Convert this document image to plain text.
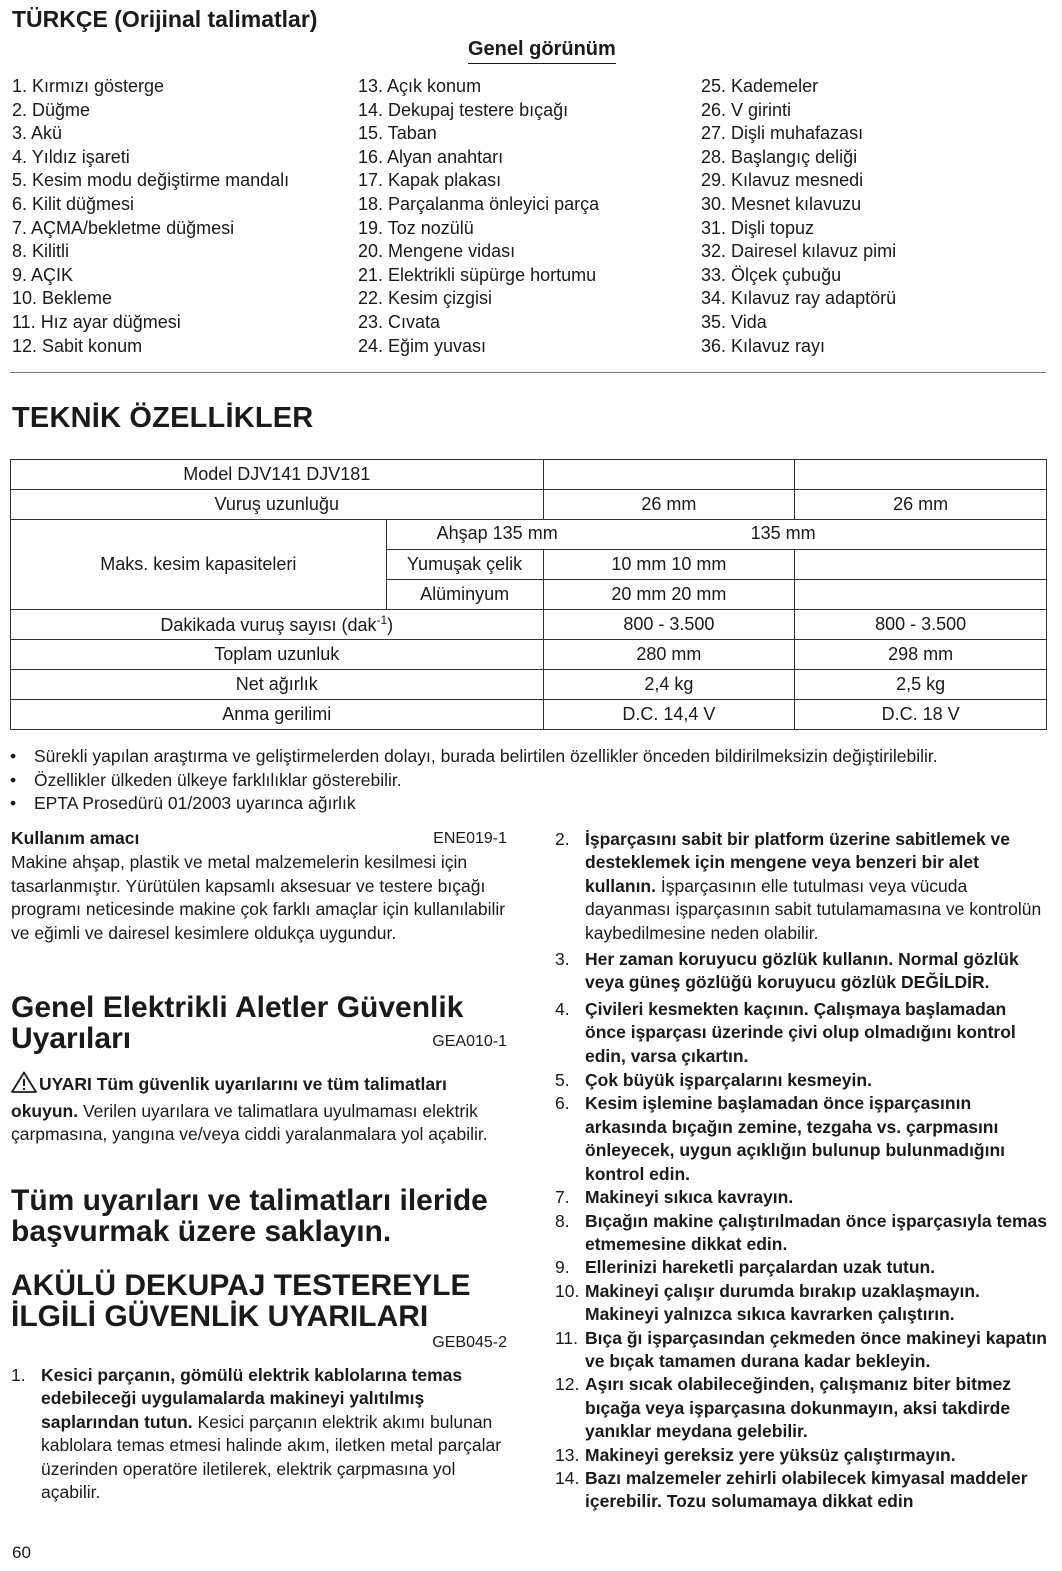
TÜRKÇE (Orijinal talimatlar)
Genel görünüm
1. Kırmızı gösterge
2. Düğme
3. Akü
4. Yıldız işareti
5. Kesim modu değiştirme mandalı
6. Kilit düğmesi
7. AÇMA/bekletme düğmesi
8. Kilitli
9. AÇIK
10. Bekleme
11. Hız ayar düğmesi
12. Sabit konum
13. Açık konum
14. Dekupaj testere bıçağı
15. Taban
16. Alyan anahtarı
17. Kapak plakası
18. Parçalanma önleyici parça
19. Toz nozülü
20. Mengene vidası
21. Elektrikli süpürge hortumu
22. Kesim çizgisi
23. Cıvata
24. Eğim yuvası
25. Kademeler
26. V girinti
27. Dişli muhafazası
28. Başlangıç deliği
29. Kılavuz mesnedi
30. Mesnet kılavuzu
31. Dişli topuz
32. Dairesel kılavuz pimi
33. Ölçek çubuğu
34. Kılavuz ray adaptörü
35. Vida
36. Kılavuz rayı
TEKNİK ÖZELLİKLER
Model DJV141 DJV181			
Vuruş uzunluğu		26 mm	26 mm
Maks. kesim kapasiteleri	Ahşap 135 mm 135 mm		

	Yumuşak çelik	10 mm 10 mm	
	Alüminyum	20 mm 20 mm	
Dakikada vuruş sayısı (dak$^{-1}$)		800 - 3.500	800 - 3.500
Toplam uzunluk		280 mm	298 mm
Net ağırlık		2,4 kg	2,5 kg
Anma gerilimi		D.C. 14,4 V	D.C. 18 V
• Sürekli yapılan araştırma ve geliştirmelerden dolayı, burada belirtilen özellikler önceden bildirilmeksizin değiştirilebilir.
• Özellikler ülkeden ülkeye farklılıklar gösterebilir.
• EPTA Prosedürü 01/2003 uyarınca ağırlık
Kullanım amacı	ENE019-1
Makine ahşap, plastik ve metal malzemelerin kesilmesi için tasarlanmıştır. Yürütülen kapsamlı aksesuar ve testere bıçağı programı neticesinde makine çok farklı amaçlar için kullanılabilir ve eğimli ve dairesel kesimlere oldukça uygundur.
Genel Elektrikli Aletler Güvenlik Uyarıları	GEA010-1
UYARI Tüm güvenlik uyarılarını ve tüm talimatları okuyun. Verilen uyarılara ve talimatlara uyulmaması elektrik çarpmasına, yangına ve/veya ciddi yaralanmalara yol açabilir.
Tüm uyarıları ve talimatları ileride başvurmak üzere saklayın.
AKÜLÜ DEKUPAJ TESTEREYLE İLGİLİ GÜVENLİK UYARILARI
GEB045-2
1. Kesici parçanın, gömülü elektrik kablolarına temas edebileceği uygulamalarda makineyi yalıtılmış saplarından tutun. Kesici parçanın elektrik akımı bulunan kablolara temas etmesi halinde akım, iletken metal parçalar üzerinden operatöre iletilerek, elektrik çarpmasına yol açabilir.
2. İşparçasını sabit bir platform üzerine sabitlemek ve desteklemek için mengene veya benzeri bir alet kullanın. İşparçasının elle tutulması veya vücuda dayanması işparçasının sabit tutulamamasına ve kontrolün kaybedilmesine neden olabilir.
3. Her zaman koruyucu gözlük kullanın. Normal gözlük veya güneş gözlüğü koruyucu gözlük DEĞİLDİR.
4. Çivileri kesmekten kaçının. Çalışmaya başlamadan önce işparçası üzerinde çivi olup olmadığını kontrol edin, varsa çıkartın.
5. Çok büyük işparçalarını kesmeyin.
6. Kesim işlemine başlamadan önce işparçasının arkasında bıçağın zemine, tezgaha vs. çarpmasını önleyecek, uygun açıklığın bulunup bulunmadığını kontrol edin.
7. Makineyi sıkıca kavrayın.
8. Bıçağın makine çalıştırılmadan önce işparçasıyla temas etmemesine dikkat edin.
9. Ellerinizi hareketli parçalardan uzak tutun.
10. Makineyi çalışır durumda bırakıp uzaklaşmayın. Makineyi yalnızca sıkıca kavrarken çalıştırın.
11. Bıça ğı işparçasından çekmeden önce makineyi kapatın ve bıçak tamamen durana kadar bekleyin.
12. Aşırı sıcak olabileceğinden, çalışmanız biter bitmez bıçağa veya işparçasına dokunmayın, aksi takdirde yanıklar meydana gelebilir.
13. Makineyi gereksiz yere yüksüz çalıştırmayın.
14. Bazı malzemeler zehirli olabilecek kimyasal maddeler içerebilir. Tozu solumamaya dikkat edin
60
